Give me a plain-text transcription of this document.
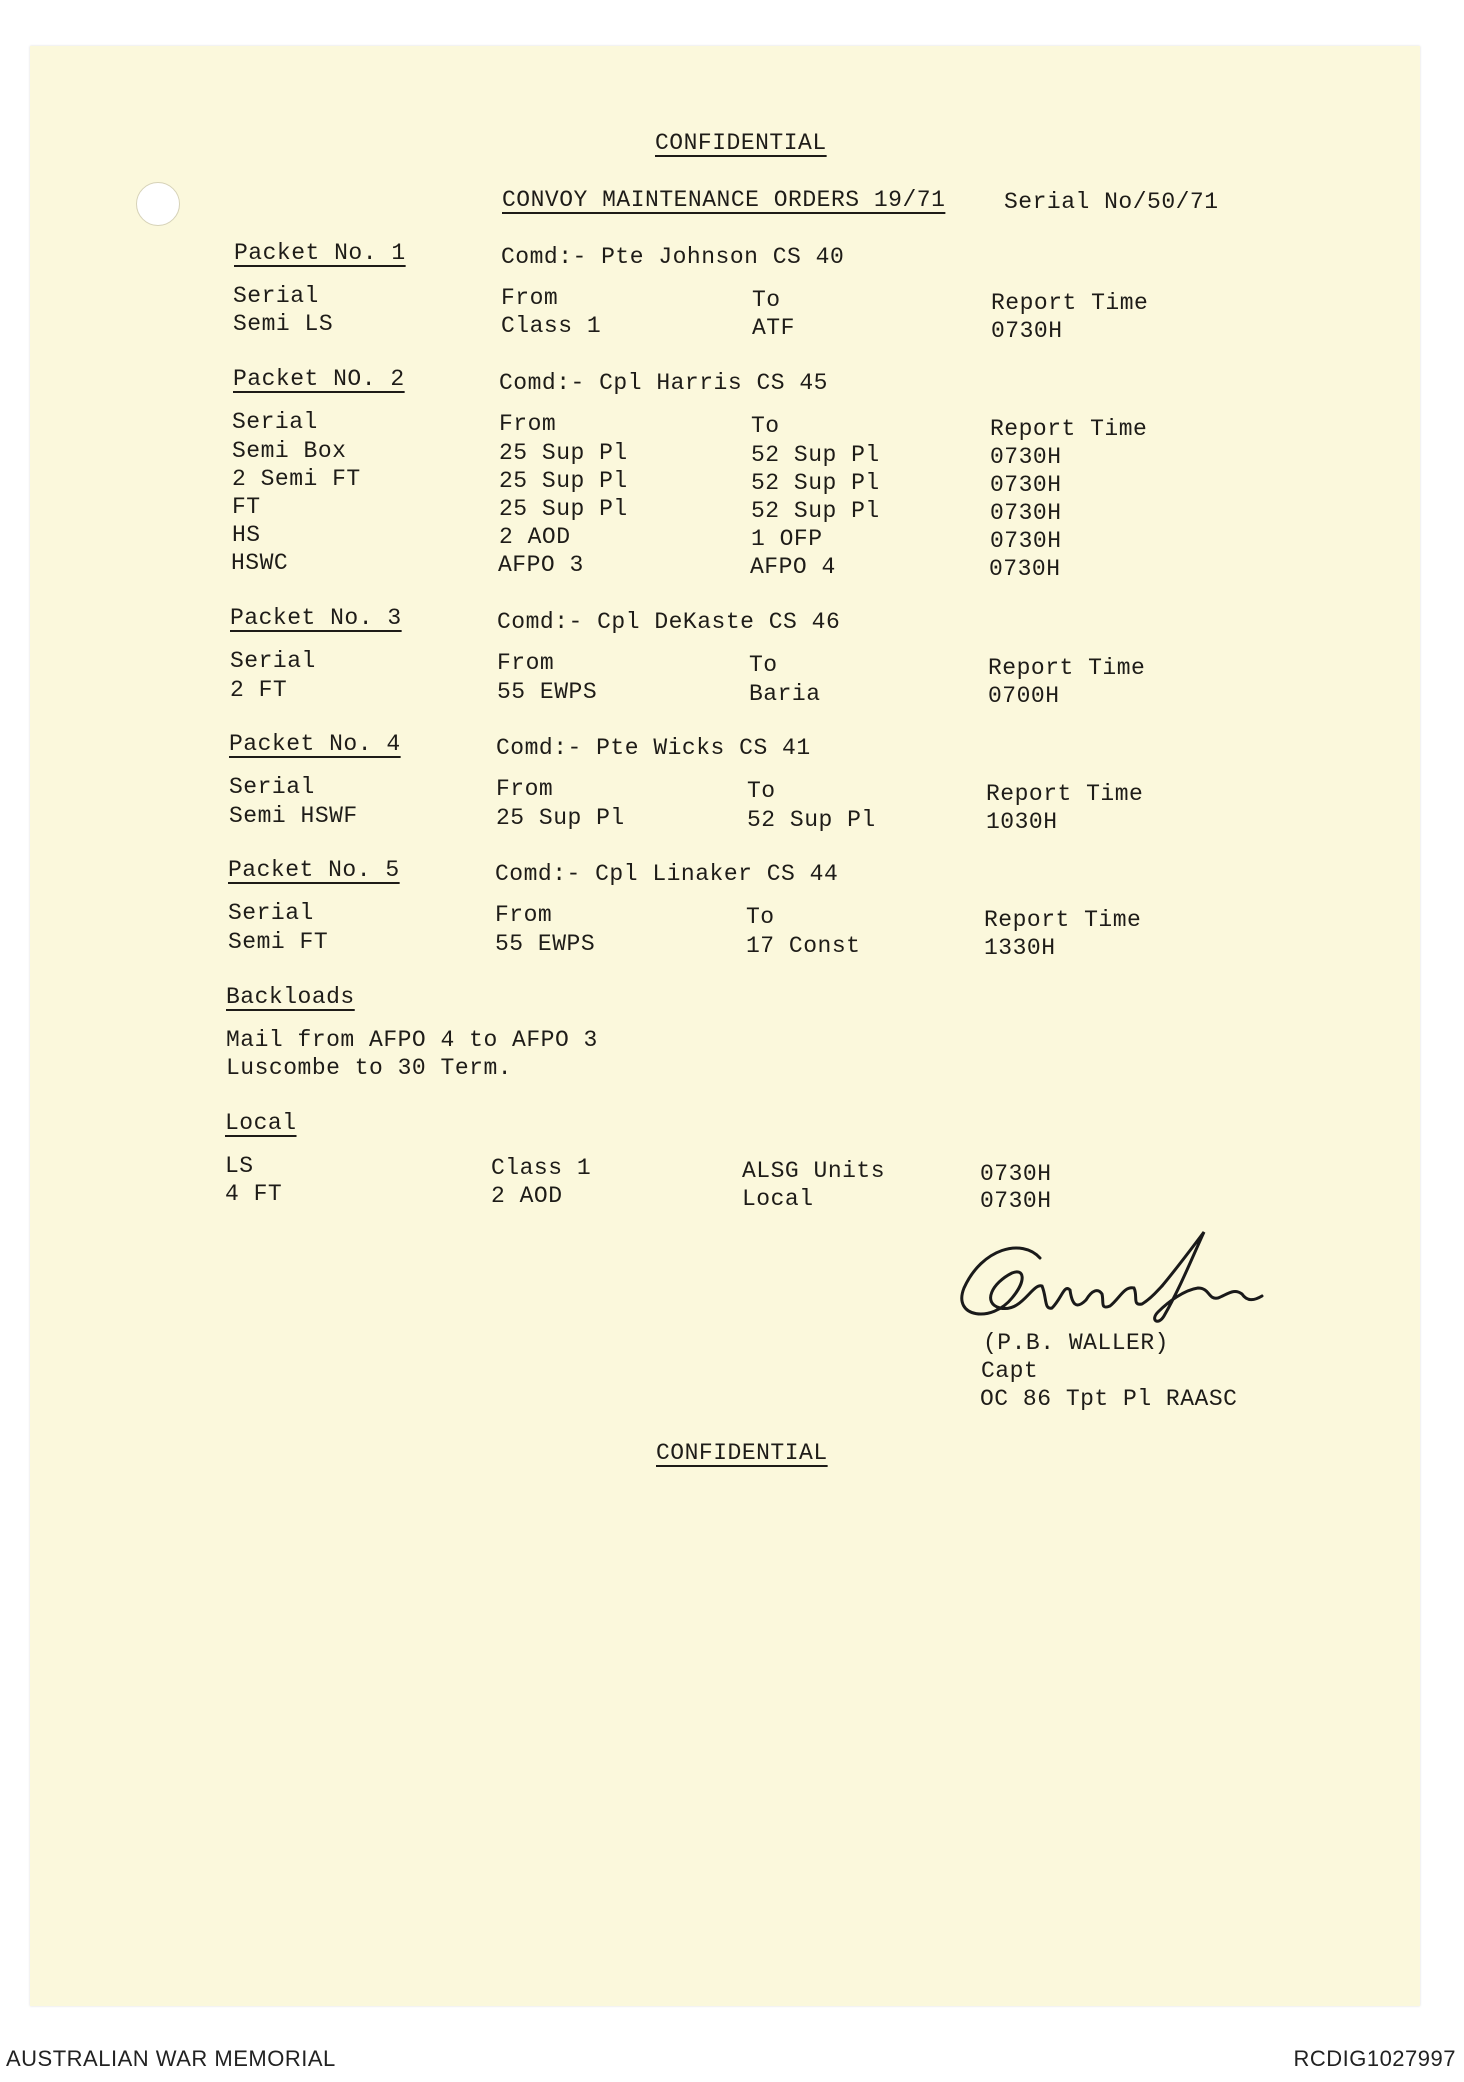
CONFIDENTIAL
CONVOY MAINTENANCE ORDERS 19/71	Serial No/50/71
Packet No. 1	Comd:- Pte Johnson CS 40
Serial	From	To	Report Time
Semi LS	Class 1	ATF	0730H
Packet NO. 2	Comd:- Cpl Harris CS 45
Serial	From	To	Report Time
Semi Box	25 Sup Pl	52 Sup Pl	0730H
2 Semi FT	25 Sup Pl	52 Sup Pl	0730H
FT	25 Sup Pl	52 Sup Pl	0730H
HS	2 AOD	1 OFP	0730H
HSWC	AFPO 3	AFPO 4	0730H
Packet No. 3	Comd:- Cpl DeKaste CS 46
Serial	From	To	Report Time
2 FT	55 EWPS	Baria	0700H
Packet No. 4	Comd:- Pte Wicks CS 41
Serial	From	To	Report Time
Semi HSWF	25 Sup Pl	52 Sup Pl	1030H
Packet No. 5	Comd:- Cpl Linaker CS 44
Serial	From	To	Report Time
Semi FT	55 EWPS	17 Const	1330H
Backloads
Mail from AFPO 4 to AFPO 3
Luscombe to 30 Term.
Local
LS	Class 1	ALSG Units	0730H
4 FT	2 AOD	Local	0730H
(P.B. WALLER)
Capt
OC 86 Tpt Pl RAASC
CONFIDENTIAL
AUSTRALIAN WAR MEMORIAL	RCDIG1027997
